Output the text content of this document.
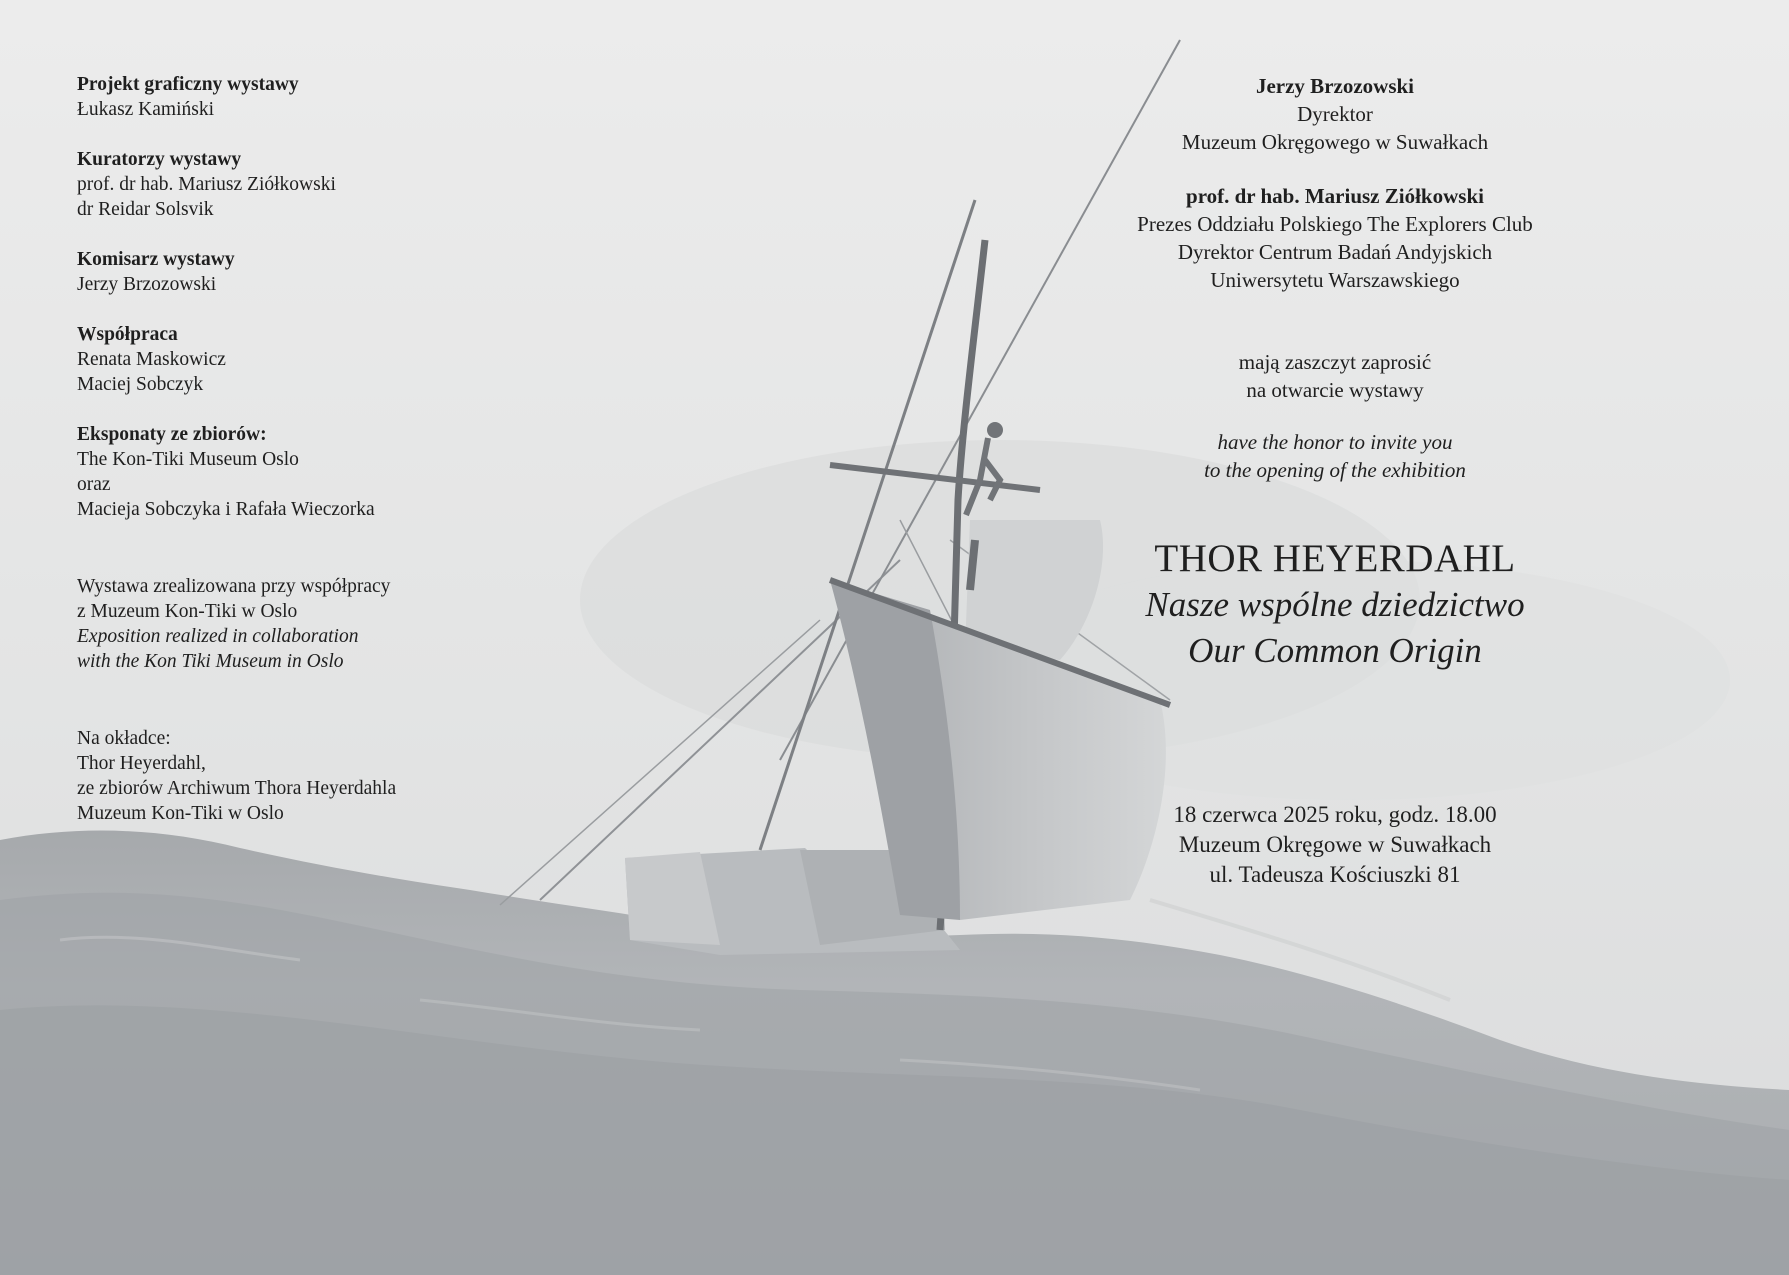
Projekt graficzny wystawy
Łukasz Kamiński
Kuratorzy wystawy
prof. dr hab. Mariusz Ziółkowski
dr Reidar Solsvik
Komisarz wystawy
Jerzy Brzozowski
Współpraca
Renata Maskowicz
Maciej Sobczyk
Eksponaty ze zbiorów:
The Kon-Tiki Museum Oslo
oraz
Macieja Sobczyka i Rafała Wieczorka
Wystawa zrealizowana przy współpracy
z Muzeum Kon-Tiki w Oslo
Exposition realized in collaboration
with the Kon Tiki Museum in Oslo
Na okładce:
Thor Heyerdahl,
ze zbiorów Archiwum Thora Heyerdahla
Muzeum Kon-Tiki w Oslo
Jerzy Brzozowski
Dyrektor
Muzeum Okręgowego w Suwałkach
prof. dr hab. Mariusz Ziółkowski
Prezes Oddziału Polskiego The Explorers Club
Dyrektor Centrum Badań Andyjskich
Uniwersytetu Warszawskiego
mają zaszczyt zaprosić
na otwarcie wystawy
have the honor to invite you
to the opening of the exhibition
THOR HEYERDAHL
Nasze wspólne dziedzictwo
Our Common Origin
18 czerwca 2025 roku, godz. 18.00
Muzeum Okręgowe w Suwałkach
ul. Tadeusza Kościuszki 81
